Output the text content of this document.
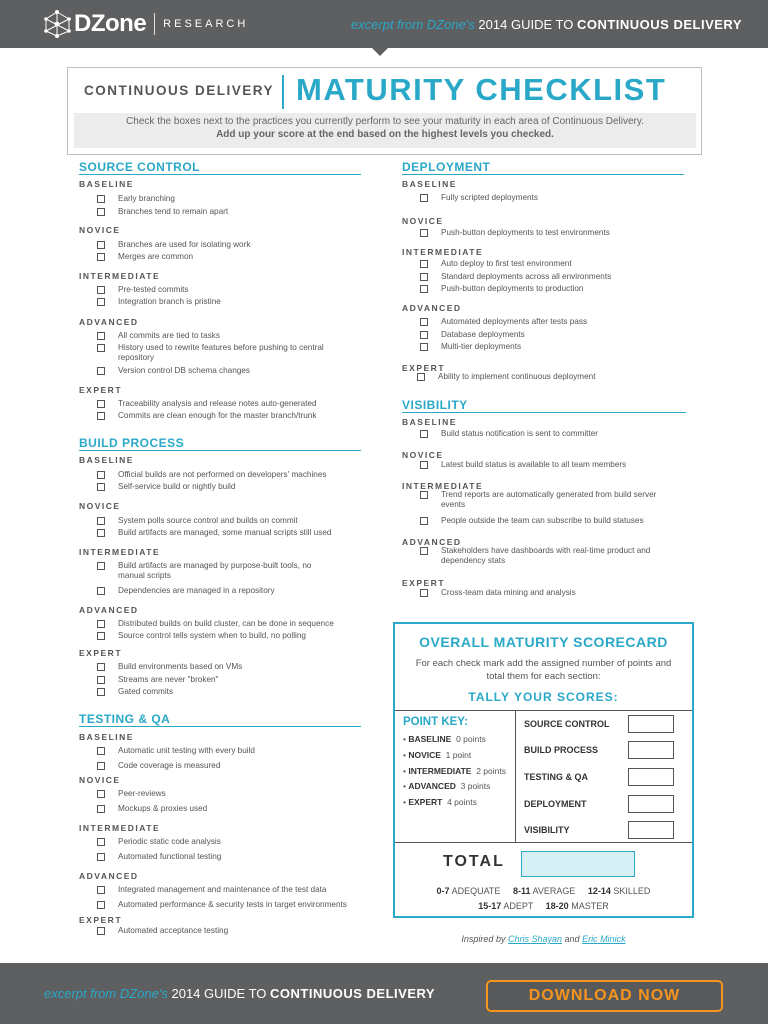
DZone RESEARCH	excerpt from DZone's 2014 GUIDE TO CONTINUOUS DELIVERY
CONTINUOUS DELIVERY MATURITY CHECKLIST
Check the boxes next to the practices you currently perform to see your maturity in each area of Continuous Delivery.
Add up your score at the end based on the highest levels you checked.
SOURCE CONTROL
BASELINE
Early branching
Branches tend to remain apart
NOVICE
Branches are used for isolating work
Merges are common
INTERMEDIATE
Pre-tested commits
Integration branch is pristine
ADVANCED
All commits are tied to tasks
History used to rewrite features before pushing to central
repository
Version control DB schema changes
EXPERT
Traceability analysis and release notes auto-generated
Commits are clean enough for the master branch/trunk
BUILD PROCESS
BASELINE
Official builds are not performed on developers' machines
Self-service build or nightly build
NOVICE
System polls source control and builds on commit
Build artifacts are managed, some manual scripts still used
INTERMEDIATE
Build artifacts are managed by purpose-built tools, no
manual scripts
Dependencies are managed in a repository
ADVANCED
Distributed builds on build cluster, can be done in sequence
Source control tells system when to build, no polling
EXPERT
Build environments based on VMs
Streams are never "broken"
Gated commits
TESTING & QA
BASELINE
Automatic unit testing with every build
Code coverage is measured
NOVICE
Peer-reviews
Mockups & proxies used
INTERMEDIATE
Periodic static code analysis
Automated functional testing
ADVANCED
Integrated management and maintenance of the test data
Automated performance & security tests in target environments
EXPERT
Automated acceptance testing
DEPLOYMENT
BASELINE
Fully scripted deployments
NOVICE
Push-button deployments to test environments
INTERMEDIATE
Auto deploy to first test environment
Standard deployments across all environments
Push-button deployments to production
ADVANCED
Automated deployments after tests pass
Database deployments
Multi-tier deployments
EXPERT
Ability to implement continuous deployment
VISIBILITY
BASELINE
Build status notification is sent to committer
NOVICE
Latest build status is available to all team members
INTERMEDIATE
Trend reports are automatically generated from build server
events
People outside the team can subscribe to build statuses
ADVANCED
Stakeholders have dashboards with real-time product and
dependency stats
EXPERT
Cross-team data mining and analysis
OVERALL MATURITY SCORECARD
For each check mark add the assigned number of points and
total them for each section:
TALLY YOUR SCORES:
POINT KEY:
• BASELINE 0 points
• NOVICE 1 point
• INTERMEDIATE 2 points
• ADVANCED 3 points
• EXPERT 4 points
SOURCE CONTROL
BUILD PROCESS
TESTING & QA
DEPLOYMENT
VISIBILITY
TOTAL
0-7 ADEQUATE 8-11 AVERAGE 12-14 SKILLED
15-17 ADEPT 18-20 MASTER
Inspired by Chris Shayan and Eric Minick
excerpt from DZone's 2014 GUIDE TO CONTINUOUS DELIVERY	DOWNLOAD NOW
